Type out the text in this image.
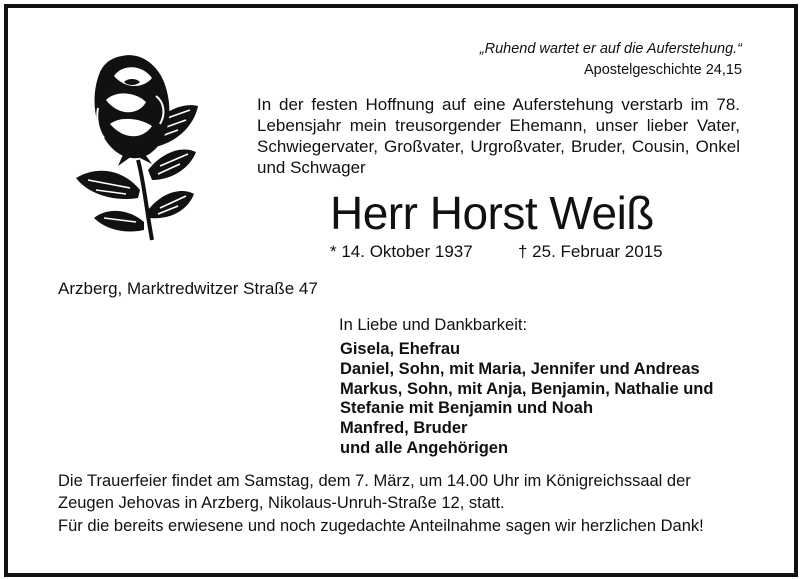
„Ruhend wartet er auf die Auferstehung.“
Apostelgeschichte 24,15
In der festen Hoffnung auf eine Auferstehung verstarb im 78. Lebensjahr mein treusorgender Ehemann, unser lieber Vater, Schwiegervater, Großvater, Urgroßvater, Bruder, Cousin, Onkel und Schwager
Herr Horst Weiß
* 14. Oktober 1937	† 25. Februar 2015
Arzberg, Marktredwitzer Straße 47
In Liebe und Dankbarkeit:
Gisela, Ehefrau
Daniel, Sohn, mit Maria, Jennifer und Andreas
Markus, Sohn, mit Anja, Benjamin, Nathalie und
Stefanie mit Benjamin und Noah
Manfred, Bruder
und alle Angehörigen
Die Trauerfeier findet am Samstag, dem 7. März, um 14.00 Uhr im Königreichssaal der Zeugen Jehovas in Arzberg, Nikolaus-Unruh-Straße 12, statt.
Für die bereits erwiesene und noch zugedachte Anteilnahme sagen wir herzlichen Dank!
